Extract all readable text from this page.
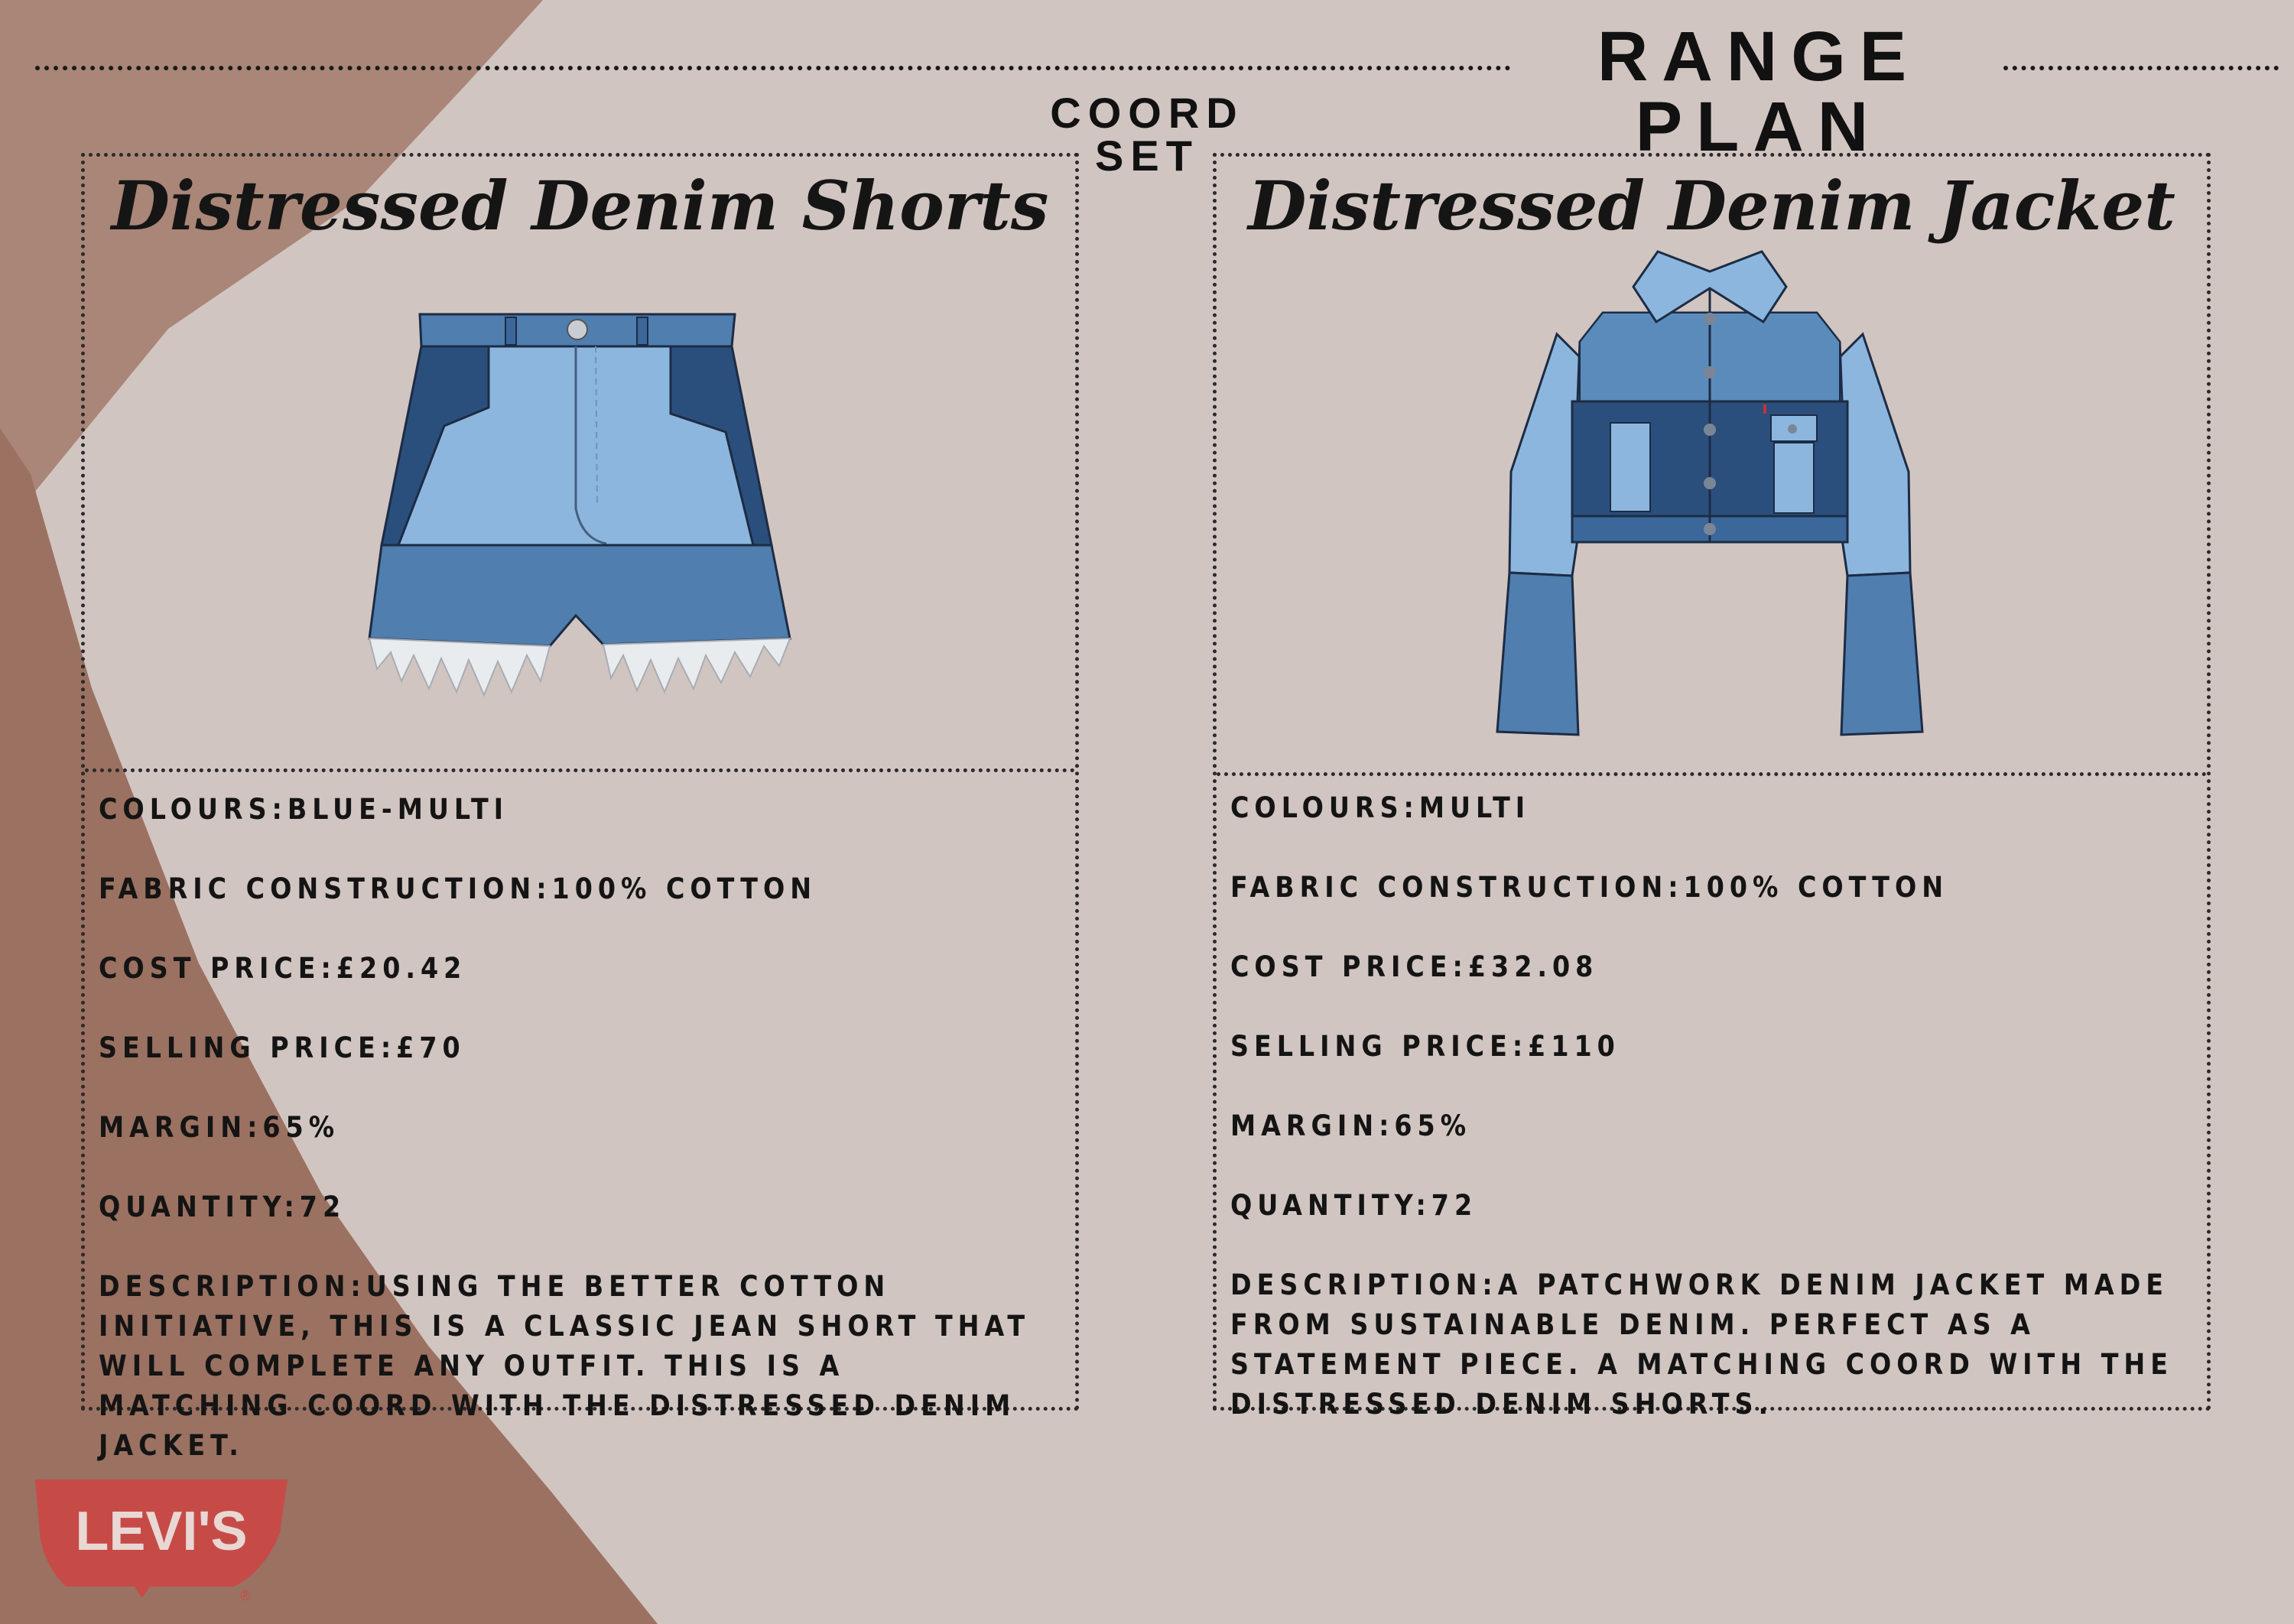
RANGE PLAN
COORD SET
Distressed Denim Shorts
COLOURS:BLUE-MULTI
FABRIC CONSTRUCTION:100% COTTON
COST PRICE:£20.42
SELLING PRICE:£70
MARGIN:65%
QUANTITY:72
DESCRIPTION:USING THE BETTER COTTON INITIATIVE, THIS IS A CLASSIC JEAN SHORT THAT WILL COMPLETE ANY OUTFIT. THIS IS A MATCHING COORD WITH THE DISTRESSED DENIM JACKET.
Distressed Denim Jacket
COLOURS:MULTI
FABRIC CONSTRUCTION:100% COTTON
COST PRICE:£32.08
SELLING PRICE:£110
MARGIN:65%
QUANTITY:72
DESCRIPTION:A PATCHWORK DENIM JACKET MADE FROM SUSTAINABLE DENIM. PERFECT AS A STATEMENT PIECE. A MATCHING COORD WITH THE DISTRESSED DENIM SHORTS.
LEVI'S
®
